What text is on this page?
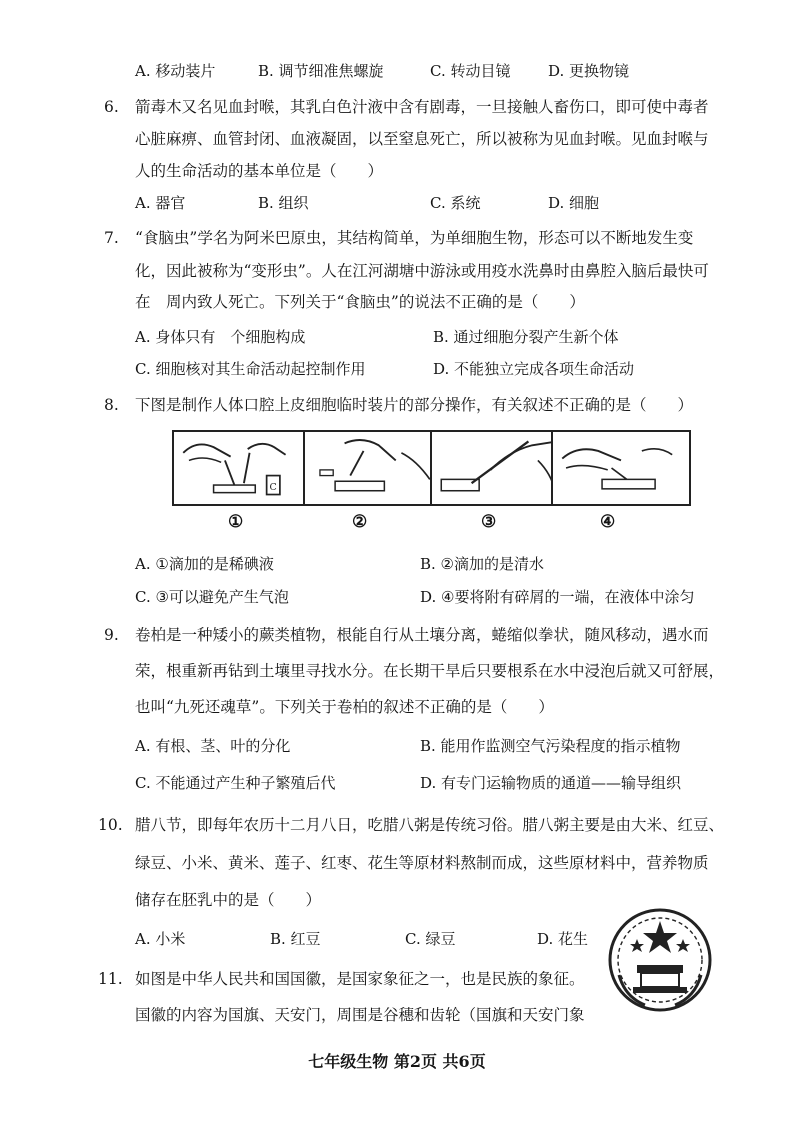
A. 移动装片	B. 调节细准焦螺旋	C. 转动目镜	D. 更换物镜
6. 箭毒木又名见血封喉，其乳白色汁液中含有剧毒，一旦接触人畜伤口，即可使中毒者
心脏麻痹、血管封闭、血液凝固，以至窒息死亡，所以被称为见血封喉。见血封喉与
人的生命活动的基本单位是（　　）
A. 器官	B. 组织	C. 系统	D. 细胞
7. “食脑虫”学名为阿米巴原虫，其结构简单，为单细胞生物，形态可以不断地发生变
化，因此被称为“变形虫”。人在江河湖塘中游泳或用疫水洗鼻时由鼻腔入脑后最快可
在　周内致人死亡。下列关于“食脑虫”的说法不正确的是（　　）
A. 身体只有　个细胞构成	B. 通过细胞分裂产生新个体
C. 细胞核对其生命活动起控制作用	D. 不能独立完成各项生命活动
8. 下图是制作人体口腔上皮细胞临时装片的部分操作，有关叙述不正确的是（　　）
C
①	②	③	④
A. ①滴加的是稀碘液	B. ②滴加的是清水
C. ③可以避免产生气泡	D. ④要将附有碎屑的一端，在液体中涂匀
9. 卷柏是一种矮小的蕨类植物，根能自行从土壤分离，蜷缩似拳状，随风移动，遇水而
荣，根重新再钻到土壤里寻找水分。在长期干旱后只要根系在水中浸泡后就又可舒展，
也叫“九死还魂草”。下列关于卷柏的叙述不正确的是（　　）
A. 有根、茎、叶的分化	B. 能用作监测空气污染程度的指示植物
C. 不能通过产生种子繁殖后代	D. 有专门运输物质的通道——输导组织
10. 腊八节，即每年农历十二月八日，吃腊八粥是传统习俗。腊八粥主要是由大米、红豆、
绿豆、小米、黄米、莲子、红枣、花生等原材料熬制而成，这些原材料中，营养物质
储存在胚乳中的是（　　）
A. 小米	B. 红豆	C. 绿豆	D. 花生
11. 如图是中华人民共和国国徽，是国家象征之一，也是民族的象征。
国徽的内容为国旗、天安门，周围是谷穗和齿轮（国旗和天安门象
七年级生物 第2页 共6页
